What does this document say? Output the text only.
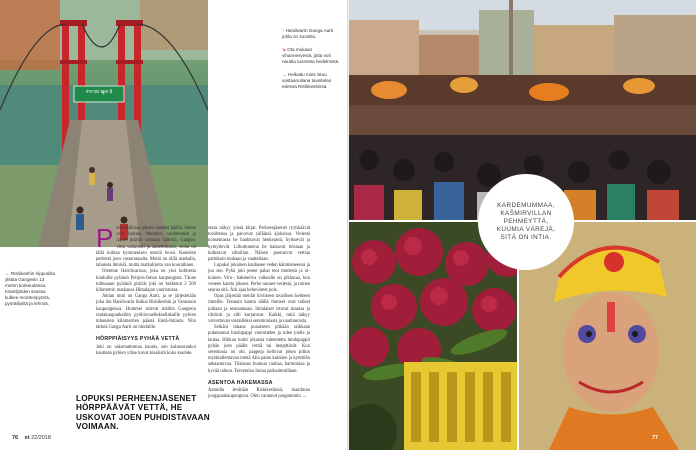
नंगा घाट खुला है
← Rishikeshin riippusilta ylittää Gangesin 13 metrin korkeudessa. Kävelijöiden seassa kulkee moottoripyöriä, pyöräilijöitä ja lehmiä.

↑ Haridwarin Ganga Aarti juhla on suosittu.

↘ Ota mukaan vihannesvesiä, jotta voit nauttia tuoreista hedelmistä.

→ Helkattu mies istuu vastaanoilana tavoitelan edessä Rishikeshissä.

P erhe kaikkaa jokeen vaatteet päällä, ilmeet ovat hartaat. Mummo, vanhemmat ja lapset pitävät toisiaan kädestä. Ganges-virta vahavasti ja äänettömästi, soma on tällä kohtaa kymmenisen metriä leveä. Kateolen perhettä joen vastarannalta. Meitä on tällä matkalla, tahansia ihmisiä, mutta matkalijoita van kourallinen.

Olemme Haridwarissa, joka on yksi kolmesta hinduille pyhästä Pohjois-Intian kaupungista. Tänne tullessaan pyhäniä pitävät joki on kulkenut 2 500 kilometrin matkansa Himalajan vuoristossa.

Juhlan nimi on Ganga Aarti, ja se järjestetään joka ilta Haridwarin lisäksi Rishikeshin ja Varanasin kaupungeissa. Hommei tulevat mäihin Gangesin rantakaupunkeihin pyöhiovaelluksellakaille pyhien tuhansien kilometrien päästä Etelä-Intiasta. Niin tärkeä Ganga Aarti on hinduille.

HÖRPPIÄISYYS PYHÄÄ VETTÄ

Joki on uskomattoman kaunis, sen kultasorankoi kauttaan pyhien ylitse kuvat kissäistä koko kuuhde.

sesta näkyy yössä kirjat. Perheenjäsenet ryyhkäävät toisiltensa ja paivuvat yällänsä ajoksissa. Vedestä nousemassa he haukkovat henkeansä, hyiksevät ja hymyilevät. Liikuttuneina he halaavat toisiaan ja kulkeavat silmiilan. Näisen puetuuvat vettiaa palmkoin mukaan ja vaatteitaan.

Lopuksi jokainen kauhasee veden kämmeneensä ja juo sen. Pyhä joki pesee pahat teot mielestä ja ul- koinen. Viru-, bakteeriva valkealle on pikkutaa, kun veneen kautta jokeen. Perhe nousee vedestä, ja toinen seuraa sitä. Äiti ajaa kehoväreet pois.

Opas järjestää meidät tiiviiseen tavallisen keltteen rinteille. Terassin kautta täällä ihmiset ovat tulleet juhlaan ja seuraamaan. Intialaiset istuvat maassa ja riittävät ja silti korjatuvat. Kaikki, mitä näkyy valvottavan vierailleksi seremoniasta ja nautinnoista.

Selkäni takana punaiseen pitkään taikkaan pukeutunut hindupappi vuorottelee ja tulee joelle ja laulaa. Hihkuu kohti jokaista tuleentetta hindupappit pyhän joen päälle vettiä tai hengittävät. Kun seremonia on ohi, pappeja kelluvat jokea pitkin mytäkallentavan meitä Alla palan kukkien ja kynttilän sekaantuvaa. Tilaisuus huokuu rauhaa, harmoniaa ja hyvää tahtoa. Tervetuloa Intiaa parhaimmillaan.

ASENTOA HAKEMASSA

Aamulla levätään Rishikeshissä, maailman joogapaakaupungissa. Olen varannut joogatunnin →

LOPUKSI PERHEENJÄSENET HÖRPPÄÄVÄT VETTÄ, HE USKOVAT JOEN PUHDISTAVAAN VOIMAAN.
76 et 22/2018
KARDEMUMMAA, KAŠMIRVILLAN PEHMEYTTÄ, KUUMIA VÄREJÄ, SITÄ ON INTIA.
77
